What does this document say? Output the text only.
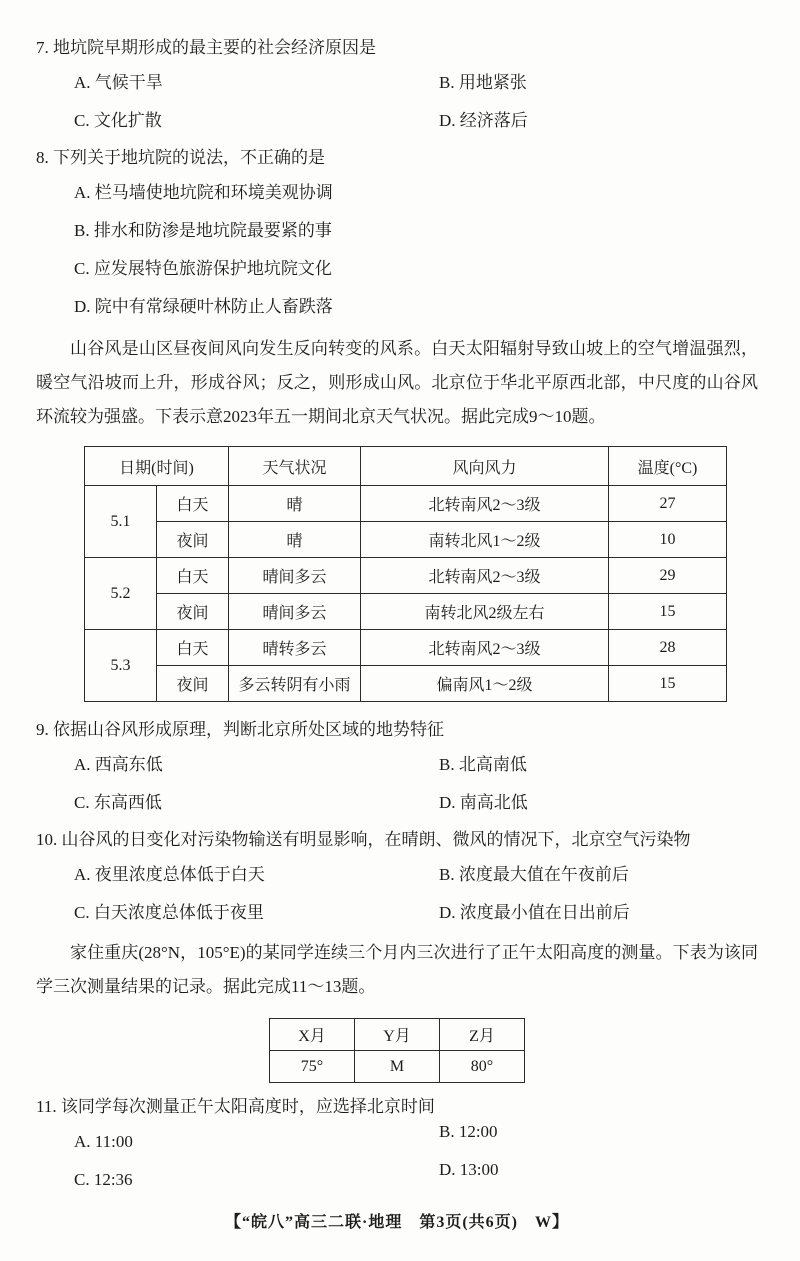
7. 地坑院早期形成的最主要的社会经济原因是
A. 气候干旱	B. 用地紧张
C. 文化扩散	D. 经济落后
8. 下列关于地坑院的说法，不正确的是
A. 栏马墙使地坑院和环境美观协调
B. 排水和防渗是地坑院最要紧的事
C. 应发展特色旅游保护地坑院文化
D. 院中有常绿硬叶林防止人畜跌落

山谷风是山区昼夜间风向发生反向转变的风系。白天太阳辐射导致山坡上的空气增温强烈，暖空气沿坡而上升，形成谷风；反之，则形成山风。北京位于华北平原西北部，中尺度的山谷风环流较为强盛。下表示意2023年五一期间北京天气状况。据此完成9～10题。

日期(时间)		天气状况	风向风力	温度(°C)
5.1	白天	晴	北转南风2～3级	27
	夜间	晴	南转北风1～2级	10
5.2	白天	晴间多云	北转南风2～3级	29
	夜间	晴间多云	南转北风2级左右	15
5.3	白天	晴转多云	北转南风2～3级	28
	夜间	多云转阴有小雨	偏南风1～2级	15
9. 依据山谷风形成原理，判断北京所处区域的地势特征
A. 西高东低	B. 北高南低
C. 东高西低	D. 南高北低
10. 山谷风的日变化对污染物输送有明显影响，在晴朗、微风的情况下，北京空气污染物
A. 夜里浓度总体低于白天	B. 浓度最大值在午夜前后
C. 白天浓度总体低于夜里	D. 浓度最小值在日出前后

家住重庆(28°N，105°E)的某同学连续三个月内三次进行了正午太阳高度的测量。下表为该同学三次测量结果的记录。据此完成11～13题。

X月	Y月	Z月
75°	M	80°
11. 该同学每次测量正午太阳高度时，应选择北京时间
A. 11:00
B. 12:00
C. 12:36
D. 13:00
【“皖八”高三二联·地理　第3页(共6页)　W】
